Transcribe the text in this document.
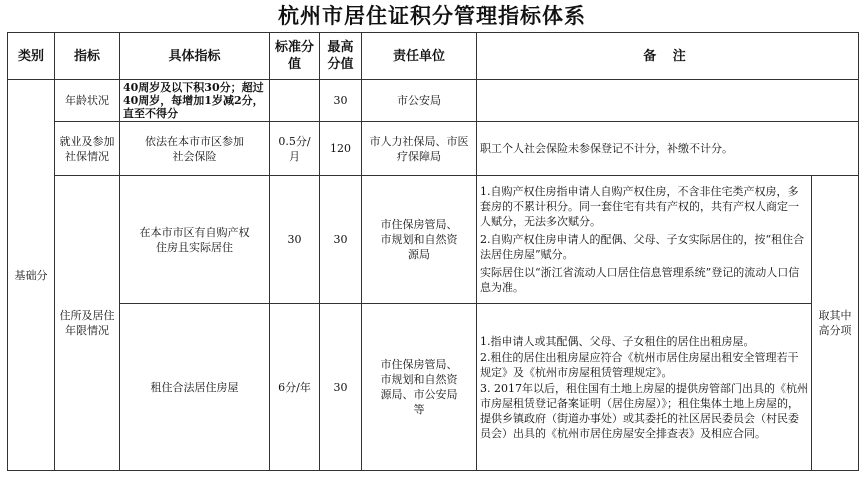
杭州市居住证积分管理指标体系
类别	指标	具体指标	标准分值	最高分值	责任单位	备 注	
基础分	年龄状况	40周岁及以下积30分；超过40周岁，每增加1岁减2分，直至不得分		30	市公安局		
	就业及参加社保情况	依法在本市市区参加社会保险	0.5分/月	120	市人力社保局、市医疗保障局	职工个人社会保险未参保登记不计分，补缴不计分。	
	住所及居住年限情况	在本市市区有自购产权住房且实际居住	30	30	市住保房管局、市规划和自然资源局	1.自购产权住房指申请人自购产权住房，不含非住宅类产权房，多套房的不累计积分。同一套住宅有共有产权的，共有产权人商定一人赋分，无法多次赋分。

2.自购产权住房申请人的配偶、父母、子女实际居住的，按“租住合法居住房屋”赋分。

实际居住以“浙江省流动人口居住信息管理系统”登记的流动人口信息为准。	取其中高分项
		租住合法居住房屋	6分/年	30	市住保房管局、市规划和自然资源局、市公安局等	1.指申请人或其配偶、父母、子女租住的居住出租房屋。

2.租住的居住出租房屋应符合《杭州市居住房屋出租安全管理若干规定》及《杭州市房屋租赁管理规定》。

3. 2017年以后，租住国有土地上房屋的提供房管部门出具的《杭州市房屋租赁登记备案证明（居住房屋）》；租住集体土地上房屋的，提供乡镇政府（街道办事处）或其委托的社区居民委员会（村民委员会）出具的《杭州市居住房屋安全排查表》及相应合同。	
